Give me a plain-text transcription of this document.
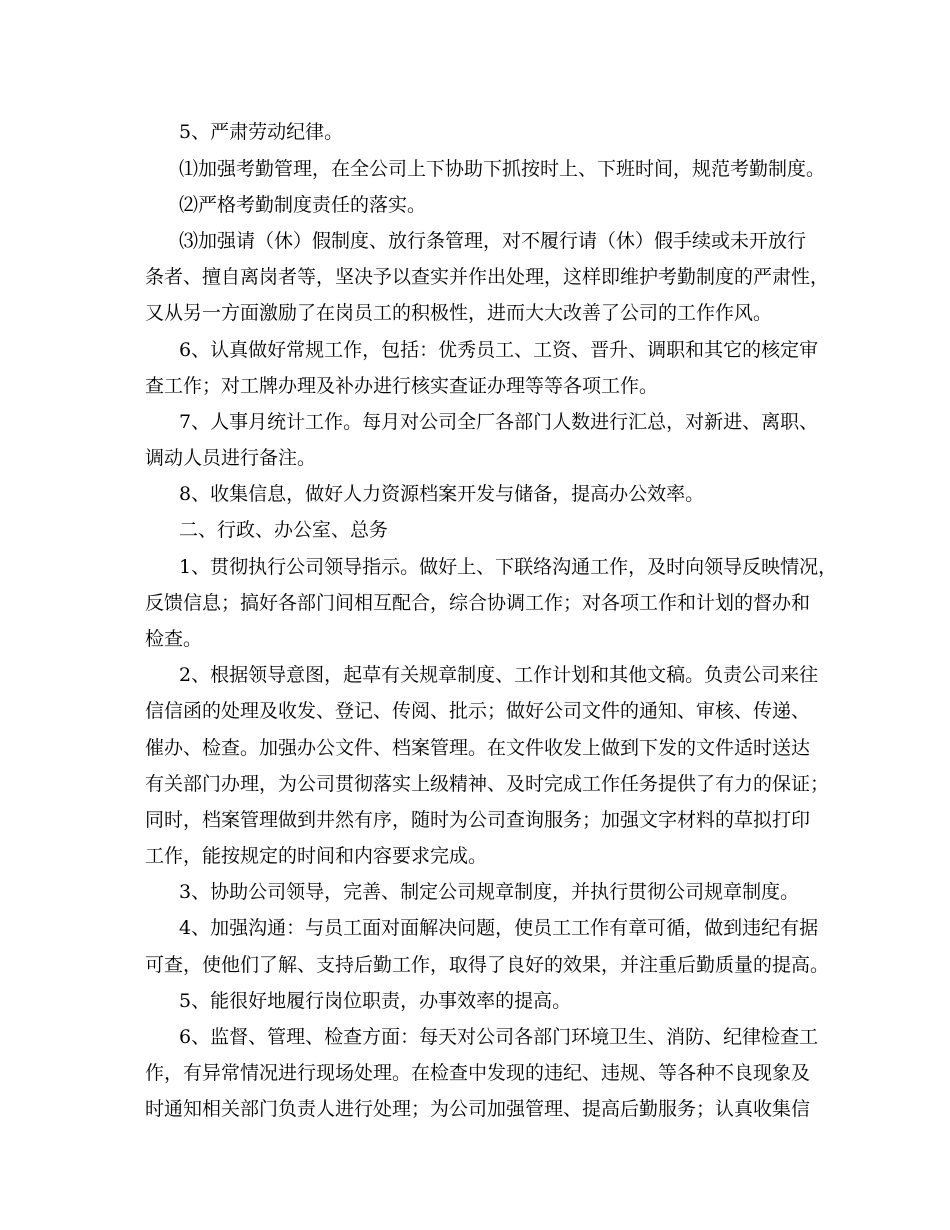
5、严肃劳动纪律。
⑴加强考勤管理，在全公司上下协助下抓按时上、下班时间，规范考勤制度。
⑵严格考勤制度责任的落实。
⑶加强请（休）假制度、放行条管理，对不履行请（休）假手续或未开放行
条者、擅自离岗者等，坚决予以查实并作出处理，这样即维护考勤制度的严肃性，
又从另一方面激励了在岗员工的积极性，进而大大改善了公司的工作作风。
6、认真做好常规工作，包括：优秀员工、工资、晋升、调职和其它的核定审
查工作；对工牌办理及补办进行核实查证办理等等各项工作。
7、人事月统计工作。每月对公司全厂各部门人数进行汇总，对新进、离职、
调动人员进行备注。
8、收集信息，做好人力资源档案开发与储备，提高办公效率。
二、行政、办公室、总务
1、贯彻执行公司领导指示。做好上、下联络沟通工作，及时向领导反映情况，
反馈信息；搞好各部门间相互配合，综合协调工作；对各项工作和计划的督办和
检查。
2、根据领导意图，起草有关规章制度、工作计划和其他文稿。负责公司来往
信信函的处理及收发、登记、传阅、批示；做好公司文件的通知、审核、传递、
催办、检查。加强办公文件、档案管理。在文件收发上做到下发的文件适时送达
有关部门办理，为公司贯彻落实上级精神、及时完成工作任务提供了有力的保证；
同时，档案管理做到井然有序，随时为公司查询服务；加强文字材料的草拟打印
工作，能按规定的时间和内容要求完成。
3、协助公司领导，完善、制定公司规章制度，并执行贯彻公司规章制度。
4、加强沟通：与员工面对面解决问题，使员工工作有章可循，做到违纪有据
可查，使他们了解、支持后勤工作，取得了良好的效果，并注重后勤质量的提高。
5、能很好地履行岗位职责，办事效率的提高。
6、监督、管理、检查方面：每天对公司各部门环境卫生、消防、纪律检查工
作，有异常情况进行现场处理。在检查中发现的违纪、违规、等各种不良现象及
时通知相关部门负责人进行处理；为公司加强管理、提高后勤服务；认真收集信
